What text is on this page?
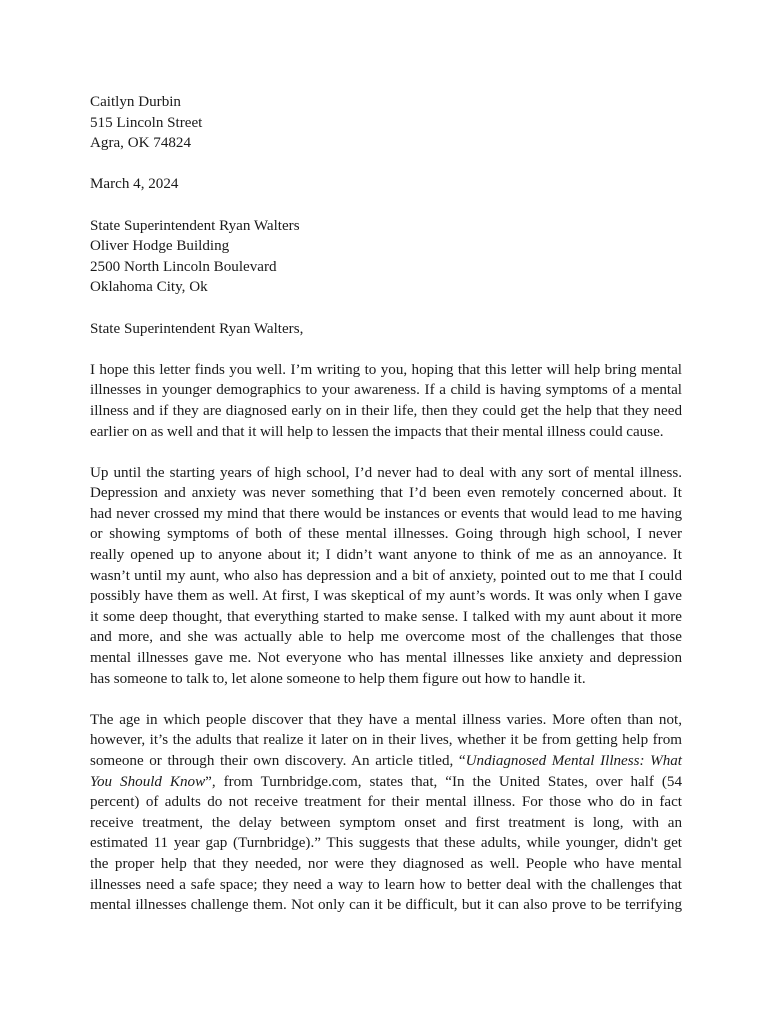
Caitlyn Durbin
515 Lincoln Street
Agra, OK 74824
March 4, 2024
State Superintendent Ryan Walters
Oliver Hodge Building
2500 North Lincoln Boulevard
Oklahoma City, Ok
State Superintendent Ryan Walters,
I hope this letter finds you well. I’m writing to you, hoping that this letter will help bring mental
illnesses in younger demographics to your awareness. If a child is having symptoms of a mental
illness and if they are diagnosed early on in their life, then they could get the help that they need
earlier on as well and that it will help to lessen the impacts that their mental illness could cause.
Up until the starting years of high school, I’d never had to deal with any sort of mental illness.
Depression and anxiety was never something that I’d been even remotely concerned about. It
had never crossed my mind that there would be instances or events that would lead to me having
or showing symptoms of both of these mental illnesses. Going through high school, I never
really opened up to anyone about it; I didn’t want anyone to think of me as an annoyance. It
wasn’t until my aunt, who also has depression and a bit of anxiety, pointed out to me that I could
possibly have them as well. At first, I was skeptical of my aunt’s words. It was only when I gave
it some deep thought, that everything started to make sense. I talked with my aunt about it more
and more, and she was actually able to help me overcome most of the challenges that those
mental illnesses gave me. Not everyone who has mental illnesses like anxiety and depression
has someone to talk to, let alone someone to help them figure out how to handle it.
The age in which people discover that they have a mental illness varies. More often than not,
however, it’s the adults that realize it later on in their lives, whether it be from getting help from
someone or through their own discovery. An article titled, “Undiagnosed Mental Illness: What
You Should Know”, from Turnbridge.com, states that, “In the United States, over half (54
percent) of adults do not receive treatment for their mental illness. For those who do in fact
receive treatment, the delay between symptom onset and first treatment is long, with an
estimated 11 year gap (Turnbridge).” This suggests that these adults, while younger, didn't get
the proper help that they needed, nor were they diagnosed as well. People who have mental
illnesses need a safe space; they need a way to learn how to better deal with the challenges that
mental illnesses challenge them. Not only can it be difficult, but it can also prove to be terrifying
